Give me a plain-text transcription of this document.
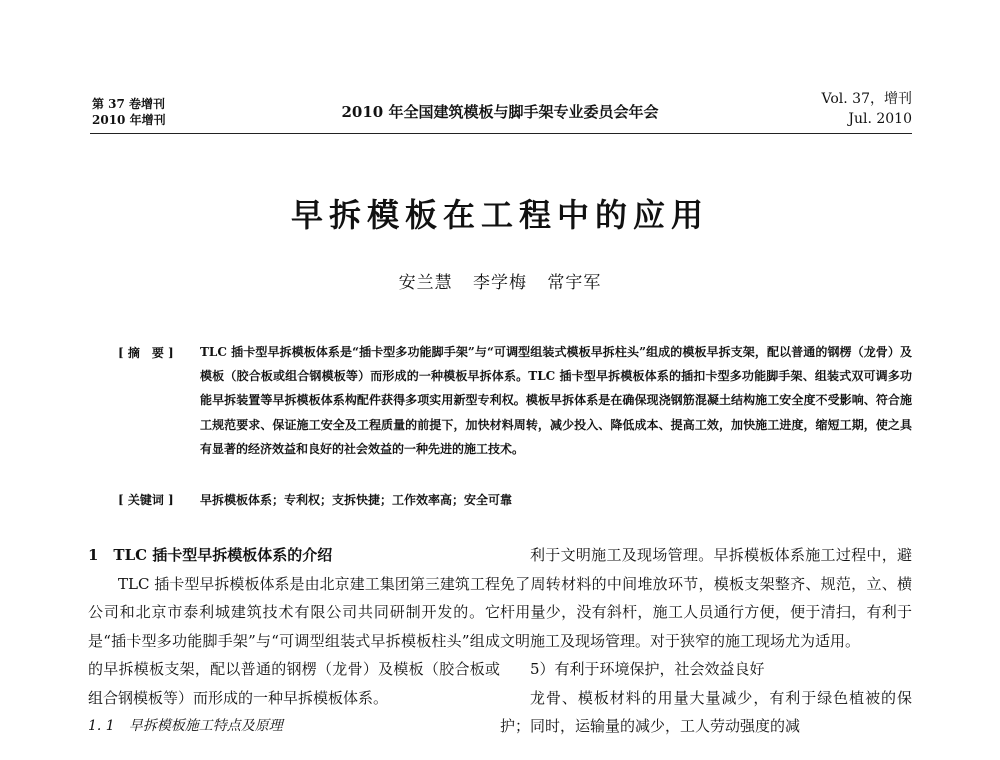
第 37 卷增刊
2010 年增刊	2010 年全国建筑模板与脚手架专业委员会年会
Vol. 37，增刊
Jul. 2010
早拆模板在工程中的应用
安兰慧 李学梅 常宇军
[ 摘　要 ] TLC 插卡型早拆模板体系是“插卡型多功能脚手架”与“可调型组装式模板早拆柱头”组成的模板早拆支架，配以普通的钢楞（龙骨）及模板（胶合板或组合钢模板等）而形成的一种模板早拆体系。TLC 插卡型早拆模板体系的插扣卡型多功能脚手架、组装式双可调多功能早拆装置等早拆模板体系构配件获得多项实用新型专利权。模板早拆体系是在确保现浇钢筋混凝土结构施工安全度不受影响、符合施工规范要求、保证施工安全及工程质量的前提下，加快材料周转，减少投入、降低成本、提高工效，加快施工进度，缩短工期，使之具有显著的经济效益和良好的社会效益的一种先进的施工技术。
[ 关键词 ] 早拆模板体系；专利权；支拆快捷；工作效率高；安全可靠

1　TLC 插卡型早拆模板体系的介绍

TLC 插卡型早拆模板体系是由北京建工集团第三建筑工程公司和北京市泰利城建筑技术有限公司共同研制开发的。它是“插卡型多功能脚手架”与“可调型组装式早拆模板柱头”组成的早拆模板支架，配以普通的钢楞（龙骨）及模板（胶合板或组合钢模板等）而形成的一种早拆模板体系。

1. 1　早拆模板施工特点及原理

利于文明施工及现场管理。早拆模板体系施工过程中，避免了周转材料的中间堆放环节，模板支架整齐、规范，立、横杆用量少，没有斜杆，施工人员通行方便，便于清扫，有利于文明施工及现场管理。对于狭窄的施工现场尤为适用。

5）有利于环境保护，社会效益良好

龙骨、模板材料的用量大量减少，有利于绿色植被的保护；同时，运输量的减少，工人劳动强度的减
